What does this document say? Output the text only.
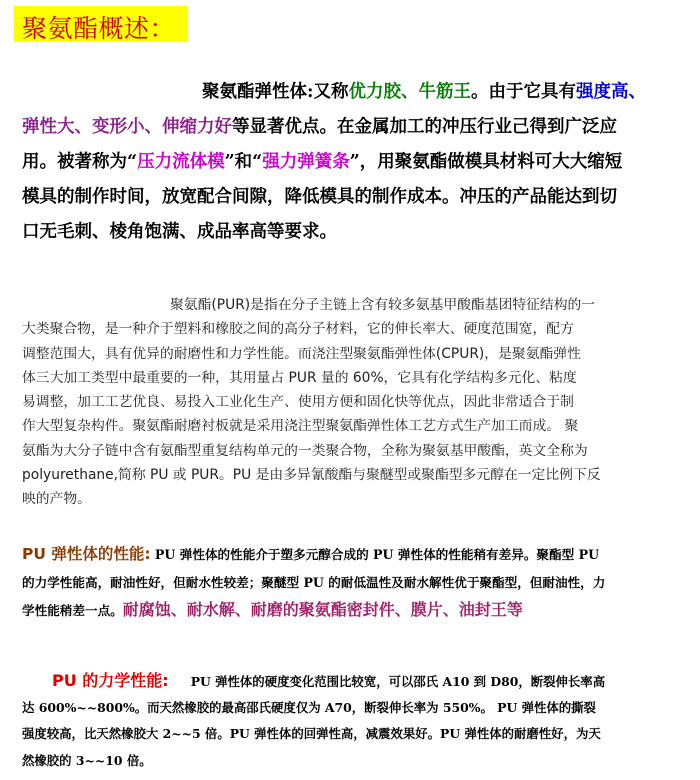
聚氨酯概述：
聚氨酯弹性体:又称优力胶、牛筋王。由于它具有强度高、
弹性大、变形小、伸缩力好等显著优点。在金属加工的冲压行业己得到广泛应
用。被著称为“压力流体模”和“强力弹簧条”，用聚氨酯做模具材料可大大缩短
模具的制作时间，放宽配合间隙，降低模具的制作成本。冲压的产品能达到切
口无毛刺、棱角饱满、成品率高等要求。
聚氨酯(PUR)是指在分子主链上含有较多氨基甲酸酯基团特征结构的一
大类聚合物，是一种介于塑料和橡胶之间的高分子材料，它的伸长率大、硬度范围宽，配方
调整范围大，具有优异的耐磨性和力学性能。而浇注型聚氨酯弹性体(CPUR)，是聚氨酯弹性
体三大加工类型中最重要的一种，其用量占 PUR 量的 60%，它具有化学结构多元化、粘度
易调整，加工工艺优良、易投入工业化生产、使用方便和固化快等优点，因此非常适合于制
作大型复杂构件。聚氨酯耐磨衬板就是采用浇注型聚氨酯弹性体工艺方式生产加工而成。 聚
氨酯为大分子链中含有氨酯型重复结构单元的一类聚合物，全称为聚氨基甲酸酯，英文全称为
polyurethane,简称 PU 或 PUR。PU 是由多异氰酸酯与聚醚型或聚酯型多元醇在一定比例下反
映的产物。
PU 弹性体的性能: PU 弹性体的性能介于塑多元醇合成的 PU 弹性体的性能稍有差异。聚酯型 PU
的力学性能高，耐油性好，但耐水性较差；聚醚型 PU 的耐低温性及耐水解性优于聚酯型，但耐油性，力
学性能稍差一点。耐腐蚀、耐水解、耐磨的聚氨酯密封件、膜片、油封王等
PU 的力学性能: PU 弹性体的硬度变化范围比较宽，可以邵氏 A10 到 D80，断裂伸长率高
达 600%~~800%。而天然橡胶的最高邵氏硬度仅为 A70，断裂伸长率为 550%。 PU 弹性体的撕裂
强度较高，比天然橡胶大 2~~5 倍。PU 弹性体的回弹性高，减震效果好。PU 弹性体的耐磨性好，为天
然橡胶的 3~~10 倍。
